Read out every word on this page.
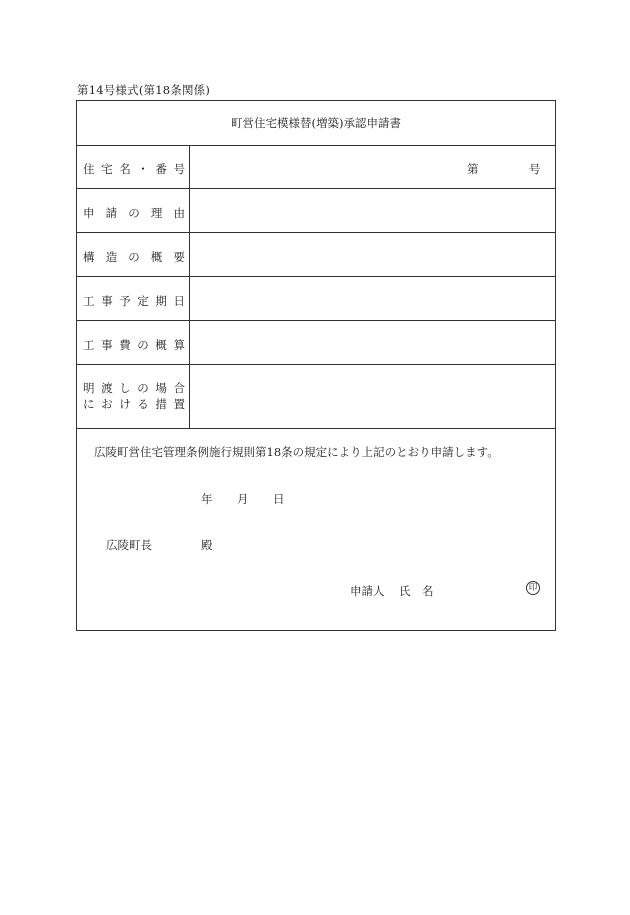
第14号様式(第18条関係)
町営住宅模様替(増築)承認申請書
住宅名・番号	第	号
申請の理由
構造の概要
工事予定期日
工事費の概算
明渡しの場合
における措置
広陵町営住宅管理条例施行規則第18条の規定により上記のとおり申請します。
年 月 日
広陵町長	殿
申請人 氏 名	印
